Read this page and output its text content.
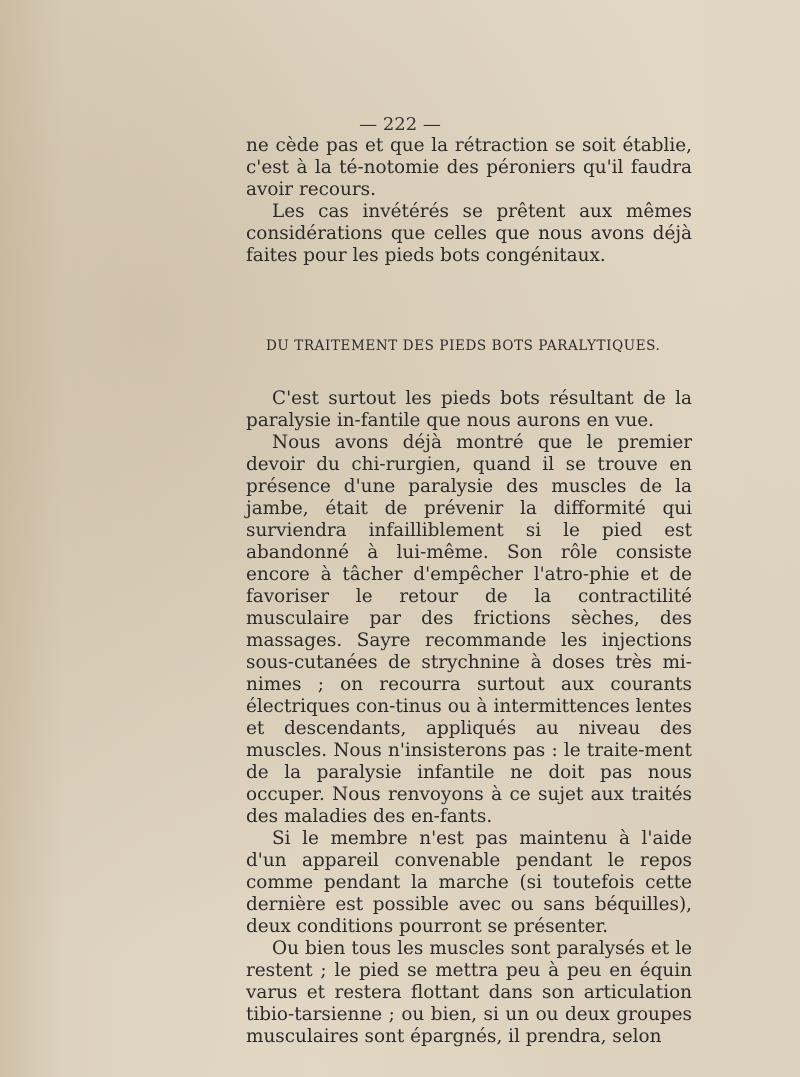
— 222 —

ne cède pas et que la rétraction se soit établie, c'est à la té-notomie des péroniers qu'il faudra avoir recours.

Les cas invétérés se prêtent aux mêmes considérations que celles que nous avons déjà faites pour les pieds bots congénitaux.

DU TRAITEMENT DES PIEDS BOTS PARALYTIQUES.

C'est surtout les pieds bots résultant de la paralysie in-fantile que nous aurons en vue.

Nous avons déjà montré que le premier devoir du chi-rurgien, quand il se trouve en présence d'une paralysie des muscles de la jambe, était de prévenir la difformité qui surviendra infailliblement si le pied est abandonné à lui-même. Son rôle consiste encore à tâcher d'empêcher l'atro-phie et de favoriser le retour de la contractilité musculaire par des frictions sèches, des massages. Sayre recommande les injections sous-cutanées de strychnine à doses très mi-nimes ; on recourra surtout aux courants électriques con-tinus ou à intermittences lentes et descendants, appliqués au niveau des muscles. Nous n'insisterons pas : le traite-ment de la paralysie infantile ne doit pas nous occuper. Nous renvoyons à ce sujet aux traités des maladies des en-fants.

Si le membre n'est pas maintenu à l'aide d'un appareil convenable pendant le repos comme pendant la marche (si toutefois cette dernière est possible avec ou sans béquilles), deux conditions pourront se présenter.

Ou bien tous les muscles sont paralysés et le restent ; le pied se mettra peu à peu en équin varus et restera flottant dans son articulation tibio-tarsienne ; ou bien, si un ou deux groupes musculaires sont épargnés, il prendra, selon
